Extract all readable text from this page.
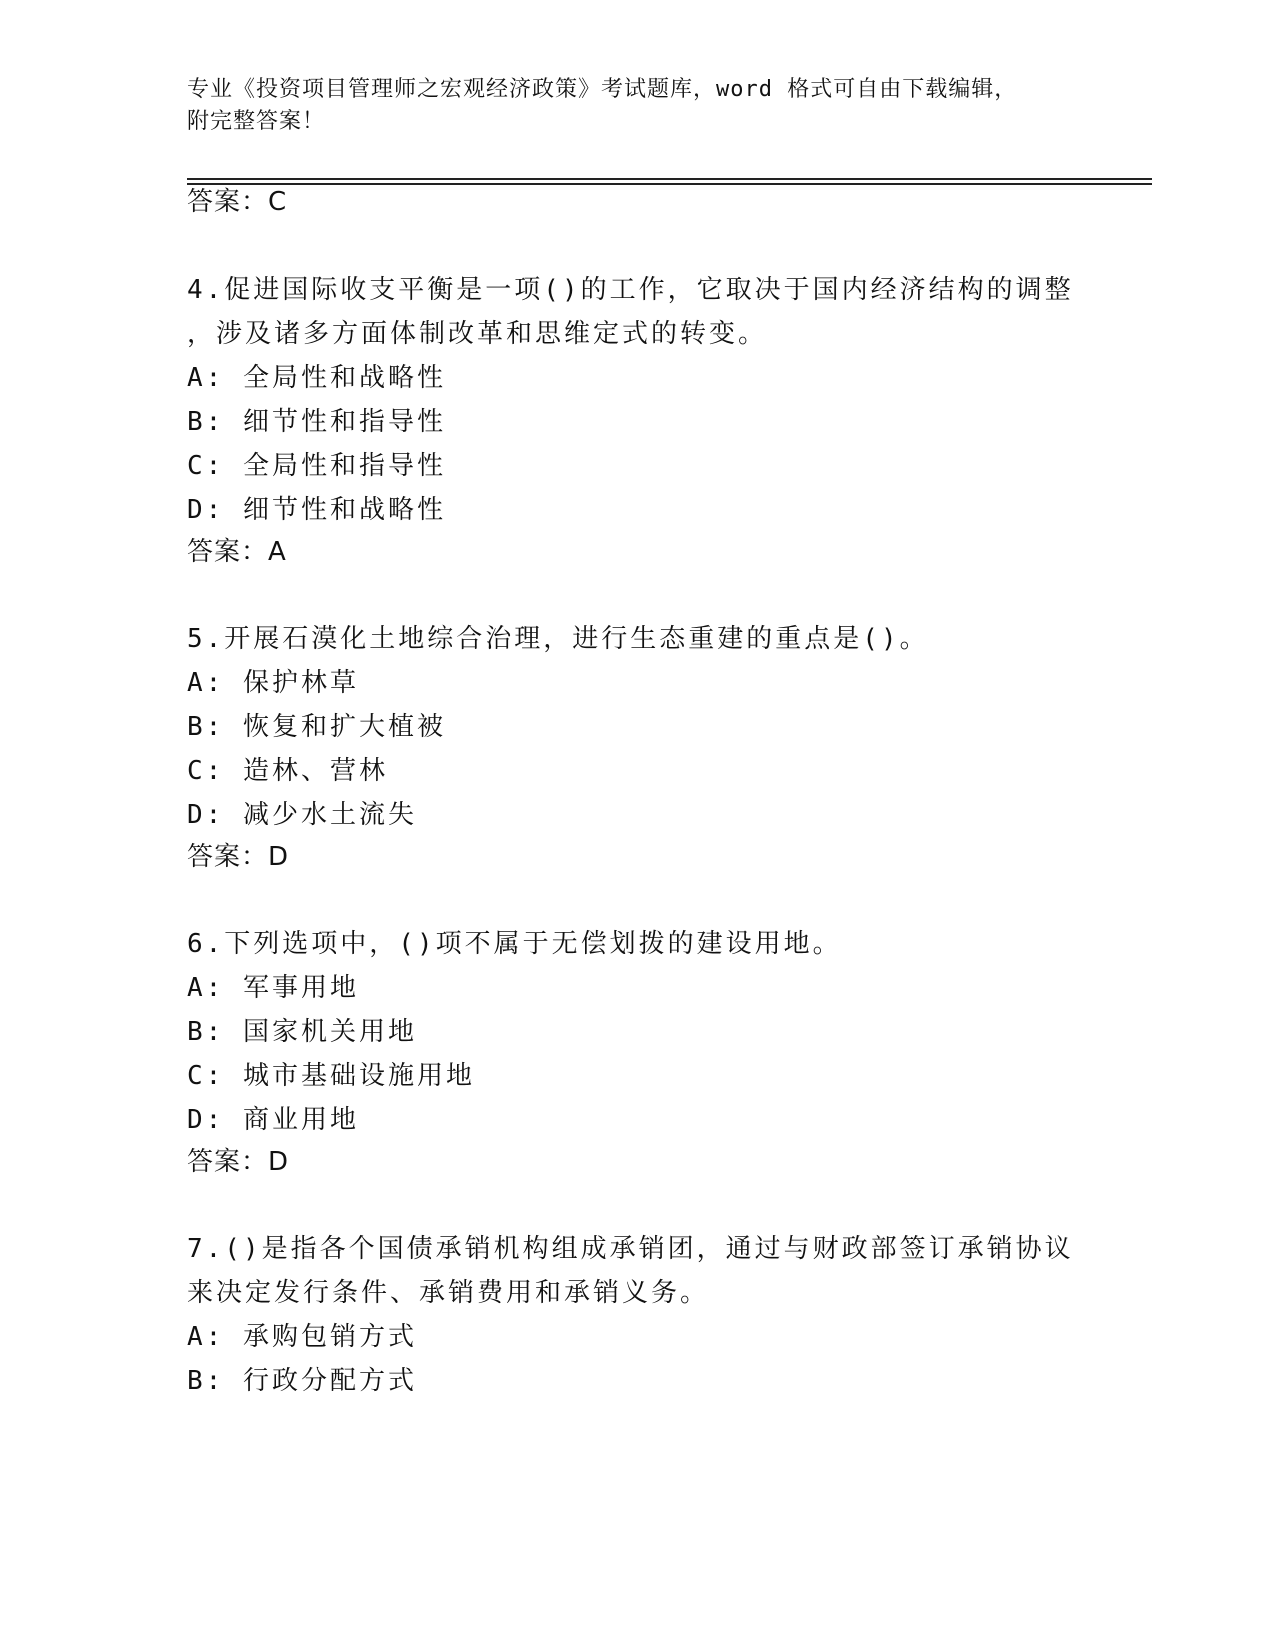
专业《投资项目管理师之宏观经济政策》考试题库，word 格式可自由下载编辑，
附完整答案！
答案：C
4.促进国际收支平衡是一项()的工作，它取决于国内经济结构的调整
，涉及诸多方面体制改革和思维定式的转变。
A: 全局性和战略性
B: 细节性和指导性
C: 全局性和指导性
D: 细节性和战略性
答案：A
5.开展石漠化土地综合治理，进行生态重建的重点是()。
A: 保护林草
B: 恢复和扩大植被
C: 造林、营林
D: 减少水土流失
答案：D
6.下列选项中，()项不属于无偿划拨的建设用地。
A: 军事用地
B: 国家机关用地
C: 城市基础设施用地
D: 商业用地
答案：D
7.()是指各个国债承销机构组成承销团，通过与财政部签订承销协议
来决定发行条件、承销费用和承销义务。
A: 承购包销方式
B: 行政分配方式
